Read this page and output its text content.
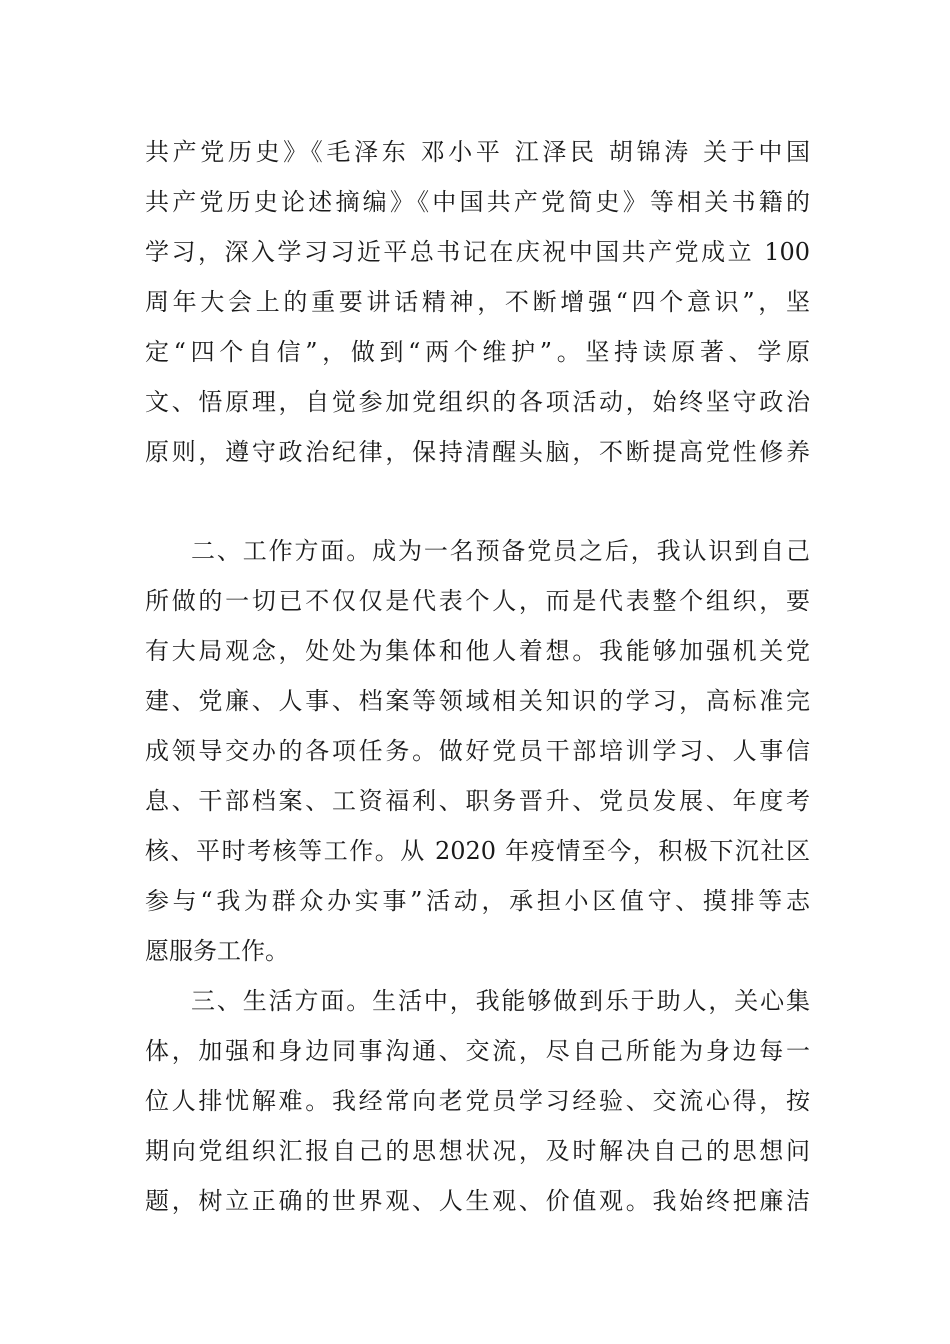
共产党历史》《毛泽东 邓小平 江泽民 胡锦涛 关于中国
共产党历史论述摘编》《中国共产党简史》等相关书籍的
学习，深入学习习近平总书记在庆祝中国共产党成立 100
周年大会上的重要讲话精神，不断增强“四个意识”，坚
定“四个自信”，做到“两个维护”。坚持读原著、学原
文、悟原理，自觉参加党组织的各项活动，始终坚守政治
原则，遵守政治纪律，保持清醒头脑，不断提高党性修养
二、工作方面。成为一名预备党员之后，我认识到自己
所做的一切已不仅仅是代表个人，而是代表整个组织，要
有大局观念，处处为集体和他人着想。我能够加强机关党
建、党廉、人事、档案等领域相关知识的学习，高标准完
成领导交办的各项任务。做好党员干部培训学习、人事信
息、干部档案、工资福利、职务晋升、党员发展、年度考
核、平时考核等工作。从 2020 年疫情至今，积极下沉社区
参与“我为群众办实事”活动，承担小区值守、摸排等志
愿服务工作。
三、生活方面。生活中，我能够做到乐于助人，关心集
体，加强和身边同事沟通、交流，尽自己所能为身边每一
位人排忧解难。我经常向老党员学习经验、交流心得，按
期向党组织汇报自己的思想状况，及时解决自己的思想问
题，树立正确的世界观、人生观、价值观。我始终把廉洁
